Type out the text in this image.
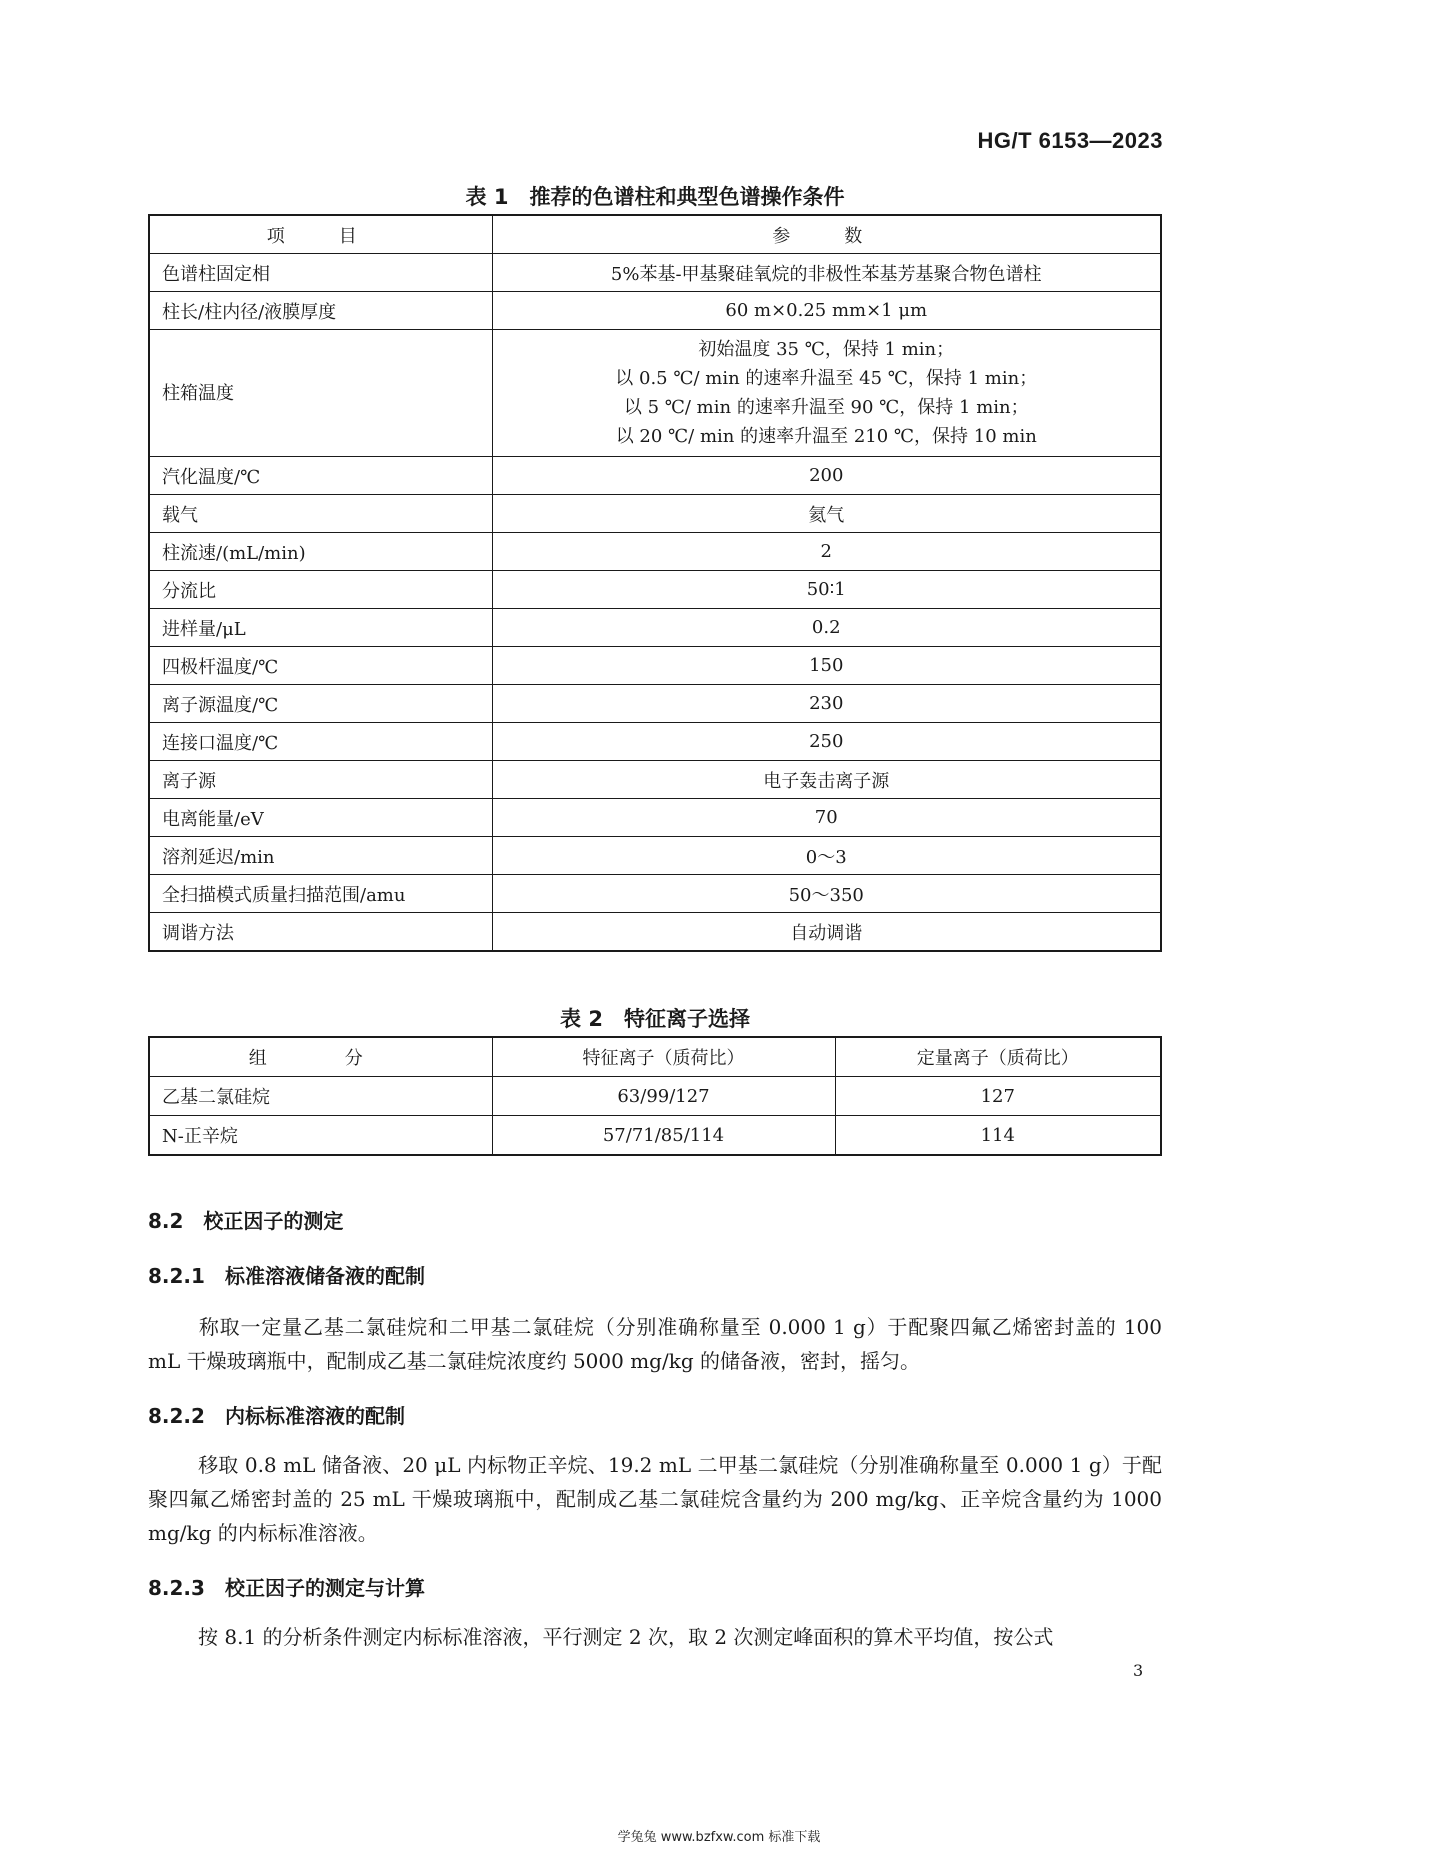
HG/T 6153—2023
表 1　推荐的色谱柱和典型色谱操作条件
项　目	参　数
色谱柱固定相	5%苯基-甲基聚硅氧烷的非极性苯基芳基聚合物色谱柱
柱长/柱内径/液膜厚度	60 m×0.25 mm×1 μm
柱箱温度	初始温度 35 ℃，保持 1 min；
以 0.5 ℃/ min 的速率升温至 45 ℃，保持 1 min；
以 5 ℃/ min 的速率升温至 90 ℃，保持 1 min；
以 20 ℃/ min 的速率升温至 210 ℃，保持 10 min

汽化温度/℃	200
载气	氦气
柱流速/(mL/min)	2
分流比	50∶1
进样量/μL	0.2
四极杆温度/℃	150
离子源温度/℃	230
连接口温度/℃	250
离子源	电子轰击离子源
电离能量/eV	70
溶剂延迟/min	0～3
全扫描模式质量扫描范围/amu	50～350
调谐方法	自动调谐
表 2　特征离子选择
组　分	特征离子（质荷比）	定量离子（质荷比）
乙基二氯硅烷	63/99/127	127
N-正辛烷	57/71/85/114	114
8.2　校正因子的测定
8.2.1　标准溶液储备液的配制
称取一定量乙基二氯硅烷和二甲基二氯硅烷（分别准确称量至 0.000 1 g）于配聚四氟乙烯密封盖的 100 mL 干燥玻璃瓶中，配制成乙基二氯硅烷浓度约 5000 mg/kg 的储备液，密封，摇匀。
8.2.2　内标标准溶液的配制
移取 0.8 mL 储备液、20 μL 内标物正辛烷、19.2 mL 二甲基二氯硅烷（分别准确称量至 0.000 1 g）于配聚四氟乙烯密封盖的 25 mL 干燥玻璃瓶中，配制成乙基二氯硅烷含量约为 200 mg/kg、正辛烷含量约为 1000 mg/kg 的内标标准溶液。
8.2.3　校正因子的测定与计算
按 8.1 的分析条件测定内标标准溶液，平行测定 2 次，取 2 次测定峰面积的算术平均值，按公式
3
学兔兔 www.bzfxw.com 标准下载
